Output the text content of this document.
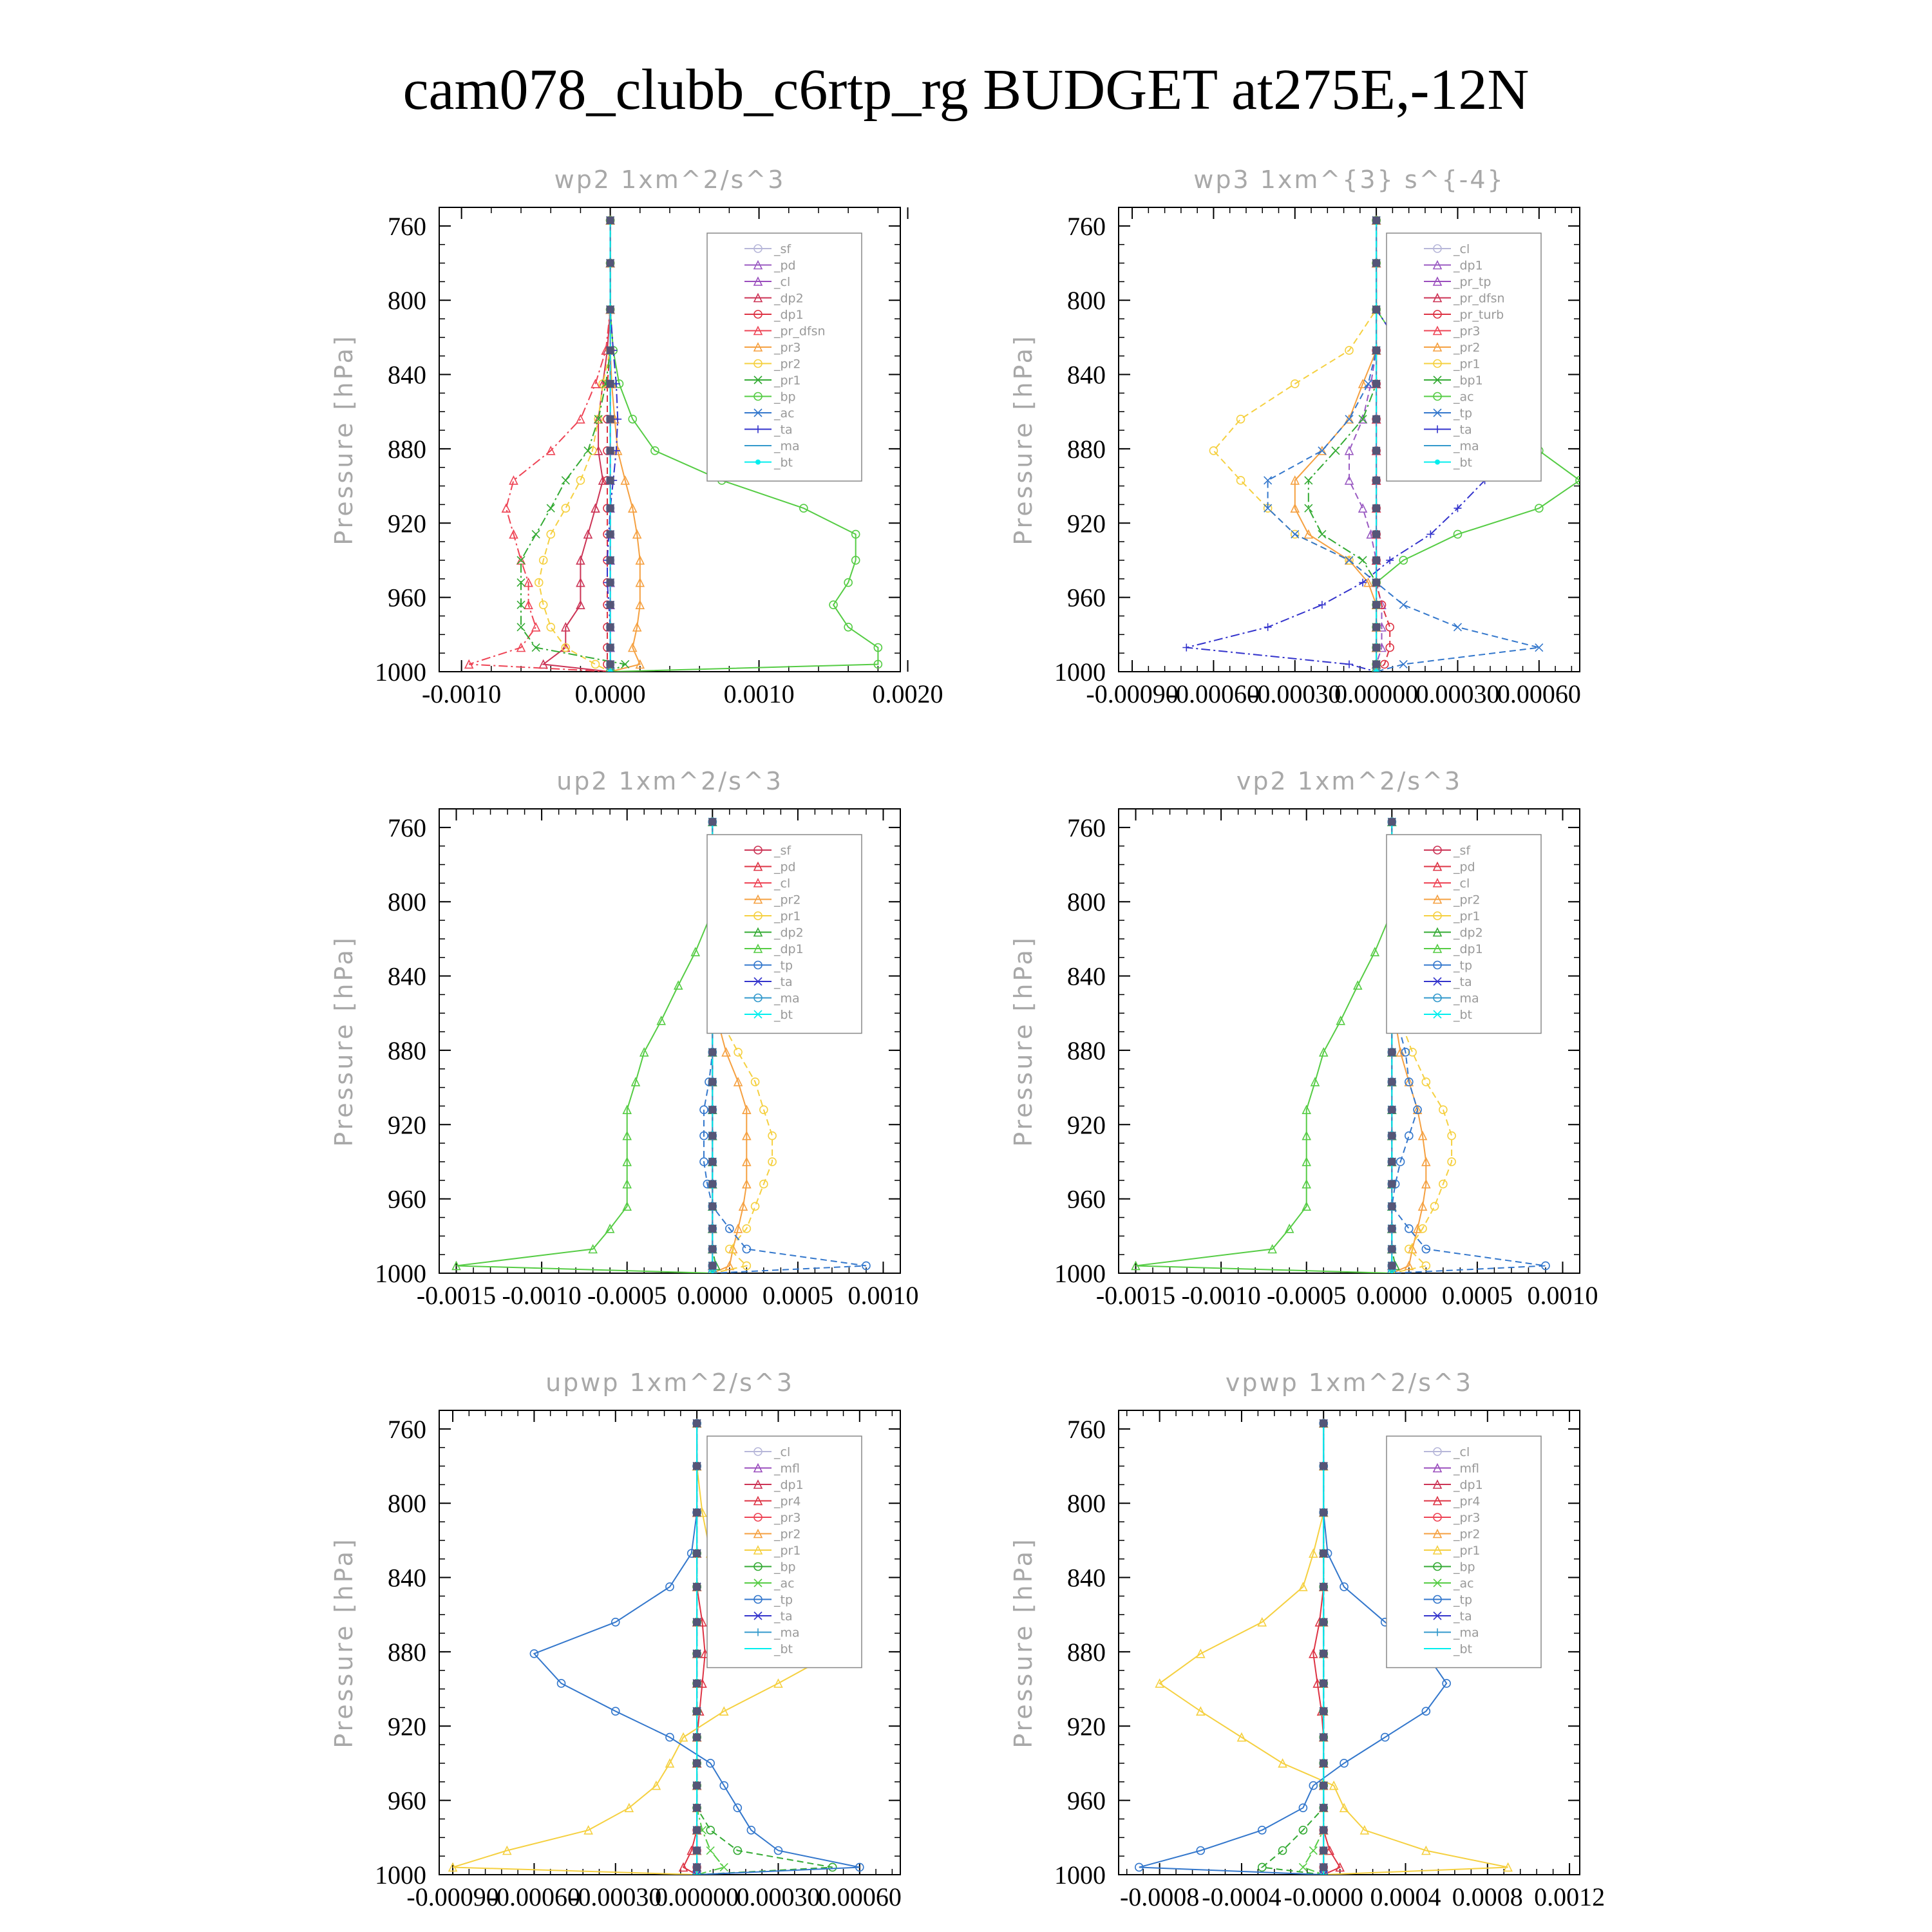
cam078_clubb_c6rtp_rg BUDGET at275E,-12N
760
800
840
880
920
960
1000
-0.0010	0.0000	0.0010	0.0020
wp2 1xm^2/s^3
Pressure [hPa]
_sf
_pd
_cl
_dp2
_dp1
_pr_dfsn
_pr3
_pr2
_pr1
_bp
_ac
_ta
_ma
_bt
760
800
840
880
920
960
1000
-0.00090
-0.00060
-0.00030
0.00000
0.00030
0.00060
wp3 1xm^{3} s^{-4}
Pressure [hPa]
_cl
_dp1
_pr_tp
_pr_dfsn
_pr_turb
_pr3
_pr2
_pr1
_bp1
_ac
_tp
_ta
_ma
_bt
760
800
840
880
920
960
1000
-0.0015 -0.0010 -0.0005 0.0000 0.0005 0.0010
up2 1xm^2/s^3
Pressure [hPa]
_sf
_pd
_cl
_pr2
_pr1
_dp2
_dp1
_tp
_ta
_ma
_bt
760
800
840
880
920
960
1000
-0.0015 -0.0010 -0.0005 0.0000 0.0005 0.0010
vp2 1xm^2/s^3
Pressure [hPa]
_sf
_pd
_cl
_pr2
_pr1
_dp2
_dp1
_tp
_ta
_ma
_bt
760
800
840
880
920
960
1000
-0.00090
-0.00060
-0.00030
0.00000
0.00030
0.00060
upwp 1xm^2/s^3
Pressure [hPa]
_cl
_mfl
_dp1
_pr4
_pr3
_pr2
_pr1
_bp
_ac
_tp
_ta
_ma
_bt
760
800
840
880
920
960
1000
-0.0008 -0.0004 -0.0000 0.0004 0.0008 0.0012
vpwp 1xm^2/s^3
Pressure [hPa]
_cl
_mfl
_dp1
_pr4
_pr3
_pr2
_pr1
_bp
_ac
_tp
_ta
_ma
_bt
